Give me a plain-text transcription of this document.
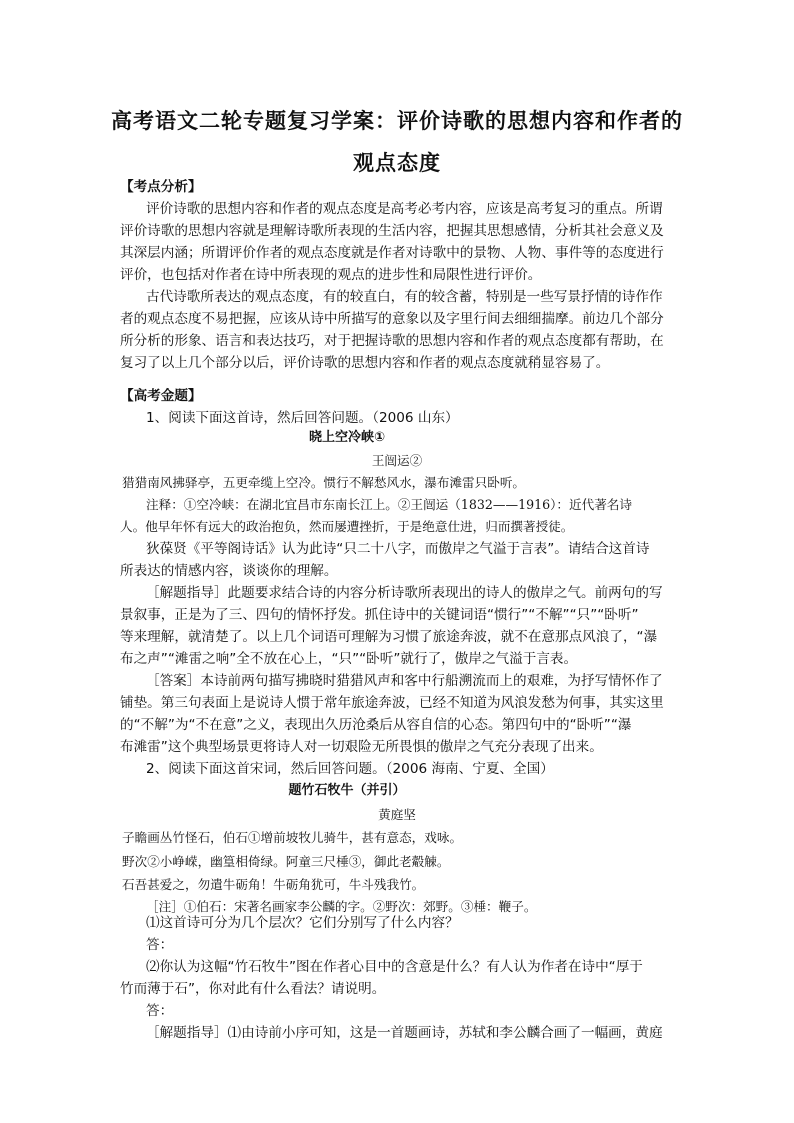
高考语文二轮专题复习学案：评价诗歌的思想内容和作者的
观点态度
【考点分析】
评价诗歌的思想内容和作者的观点态度是高考必考内容，应该是高考复习的重点。所谓
评价诗歌的思想内容就是理解诗歌所表现的生活内容，把握其思想感情，分析其社会意义及
其深层内涵；所谓评价作者的观点态度就是作者对诗歌中的景物、人物、事件等的态度进行
评价，也包括对作者在诗中所表现的观点的进步性和局限性进行评价。
古代诗歌所表达的观点态度，有的较直白，有的较含蓄，特别是一些写景抒情的诗作作
者的观点态度不易把握，应该从诗中所描写的意象以及字里行间去细细揣摩。前边几个部分
所分析的形象、语言和表达技巧，对于把握诗歌的思想内容和作者的观点态度都有帮助，在
复习了以上几个部分以后，评价诗歌的思想内容和作者的观点态度就稍显容易了。
【高考金题】
1、阅读下面这首诗，然后回答问题。（2006 山东）
晓上空冷峡①
王闿运②
猎猎南风拂驿亭，五更牵缆上空冷。惯行不解愁风水，瀑布滩雷只卧听。
注释：①空冷峡：在湖北宜昌市东南长江上。②王闿运（1832——1916）：近代著名诗
人。他早年怀有远大的政治抱负，然而屡遭挫折，于是绝意仕进，归而撰著授徒。
狄葆贤《平等阁诗话》认为此诗“只二十八字，而傲岸之气溢于言表”。请结合这首诗
所表达的情感内容，谈谈你的理解。
［解题指导］此题要求结合诗的内容分析诗歌所表现出的诗人的傲岸之气。前两句的写
景叙事，正是为了三、四句的情怀抒发。抓住诗中的关键词语“惯行”“不解”“只”“卧听”
等来理解，就清楚了。以上几个词语可理解为习惯了旅途奔波，就不在意那点风浪了，“瀑
布之声”“滩雷之响”全不放在心上，“只”“卧听”就行了，傲岸之气溢于言表。
［答案］本诗前两句描写拂晓时猎猎风声和客中行船溯流而上的艰难，为抒写情怀作了
铺垫。第三句表面上是说诗人惯于常年旅途奔波，已经不知道为风浪发愁为何事，其实这里
的“不解”为“不在意”之义，表现出久历沧桑后从容自信的心态。第四句中的“卧听”“瀑
布滩雷”这个典型场景更将诗人对一切艰险无所畏惧的傲岸之气充分表现了出来。
2、阅读下面这首宋词，然后回答问题。（2006 海南、宁夏、全国）
题竹石牧牛（并引）
黄庭坚
子瞻画丛竹怪石，伯石①增前坡牧儿骑牛，甚有意态，戏咏。
野次②小峥嵘，幽篁相倚绿。阿童三尺棰③，御此老觳觫。
石吾甚爱之，勿遣牛砺角！牛砺角犹可，牛斗残我竹。
［注］①伯石：宋著名画家李公麟的字。②野次：郊野。③棰：鞭子。
⑴这首诗可分为几个层次？它们分别写了什么内容？
答：
⑵你认为这幅“竹石牧牛”图在作者心目中的含意是什么？有人认为作者在诗中“厚于
竹而薄于石”，你对此有什么看法？请说明。
答：
［解题指导］⑴由诗前小序可知，这是一首题画诗，苏轼和李公麟合画了一幅画，黄庭
